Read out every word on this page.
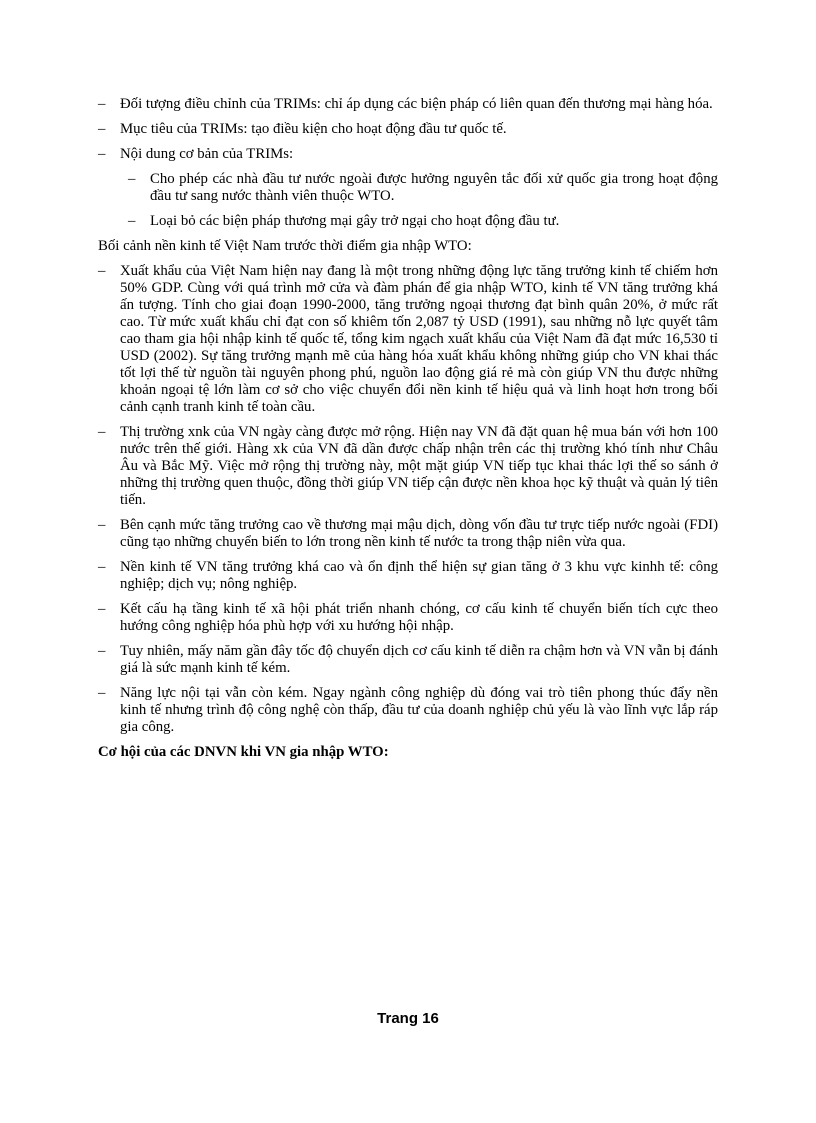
– Đối tượng điều chỉnh của TRIMs: chỉ áp dụng các biện pháp có liên quan đến thương mại hàng hóa.
– Mục tiêu của TRIMs: tạo điều kiện cho hoạt động đầu tư quốc tế.
– Nội dung cơ bản của TRIMs:
– Cho phép các nhà đầu tư nước ngoài được hưởng nguyên tắc đối xử quốc gia trong hoạt động đầu tư sang nước thành viên thuộc WTO.
– Loại bỏ các biện pháp thương mại gây trở ngại cho hoạt động đầu tư.
Bối cảnh nền kinh tế Việt Nam trước thời điểm gia nhập WTO:
– Xuất khẩu của Việt Nam hiện nay đang là một trong những động lực tăng trưởng kinh tế chiếm hơn 50% GDP. Cùng với quá trình mở cửa và đàm phán để gia nhập WTO, kinh tế VN tăng trưởng khá ấn tượng. Tính cho giai đoạn 1990-2000, tăng trưởng ngoại thương đạt bình quân 20%, ở mức rất cao. Từ mức xuất khẩu chỉ đạt con số khiêm tốn 2,087 tỷ USD (1991), sau những nỗ lực quyết tâm cao tham gia hội nhập kinh tế quốc tế, tổng kim ngạch xuất khẩu của Việt Nam đã đạt mức 16,530 tỉ USD (2002). Sự tăng trưởng mạnh mẽ của hàng hóa xuất khẩu không những giúp cho VN khai thác tốt lợi thế từ nguồn tài nguyên phong phú, nguồn lao động giá rẻ mà còn giúp VN thu được những khoản ngoại tệ lớn làm cơ sở cho việc chuyển đổi nền kinh tế hiệu quả và linh hoạt hơn trong bối cảnh cạnh tranh kinh tế toàn cầu.
– Thị trường xnk của VN ngày càng được mở rộng. Hiện nay VN đã đặt quan hệ mua bán với hơn 100 nước trên thế giới. Hàng xk của VN đã dần được chấp nhận trên các thị trường khó tính như Châu Âu và Bắc Mỹ. Việc mở rộng thị trường này, một mặt giúp VN tiếp tục khai thác lợi thế so sánh ở những thị trường quen thuộc, đồng thời giúp VN tiếp cận được nền khoa học kỹ thuật và quản lý tiên tiến.
– Bên cạnh mức tăng trưởng cao về thương mại mậu dịch, dòng vốn đầu tư trực tiếp nước ngoài (FDI) cũng tạo những chuyển biến to lớn trong nền kinh tế nước ta trong thập niên vừa qua.
– Nền kinh tế VN tăng trưởng khá cao và ổn định thể hiện sự gian tăng ở 3 khu vực kinhh tế: công nghiệp; dịch vụ; nông nghiệp.
– Kết cấu hạ tầng kinh tế xã hội phát triển nhanh chóng, cơ cấu kinh tế chuyển biến tích cực theo hướng công nghiệp hóa phù hợp với xu hướng hội nhập.
– Tuy nhiên, mấy năm gần đây tốc độ chuyển dịch cơ cấu kinh tế diễn ra chậm hơn và VN vẫn bị đánh giá là sức mạnh kinh tế kém.
– Năng lực nội tại vẫn còn kém. Ngay ngành công nghiệp dù đóng vai trò tiên phong thúc đẩy nền kinh tế nhưng trình độ công nghệ còn thấp, đầu tư của doanh nghiệp chủ yếu là vào lĩnh vực lắp ráp gia công.
Cơ hội của các DNVN khi VN gia nhập WTO:
Trang 16
